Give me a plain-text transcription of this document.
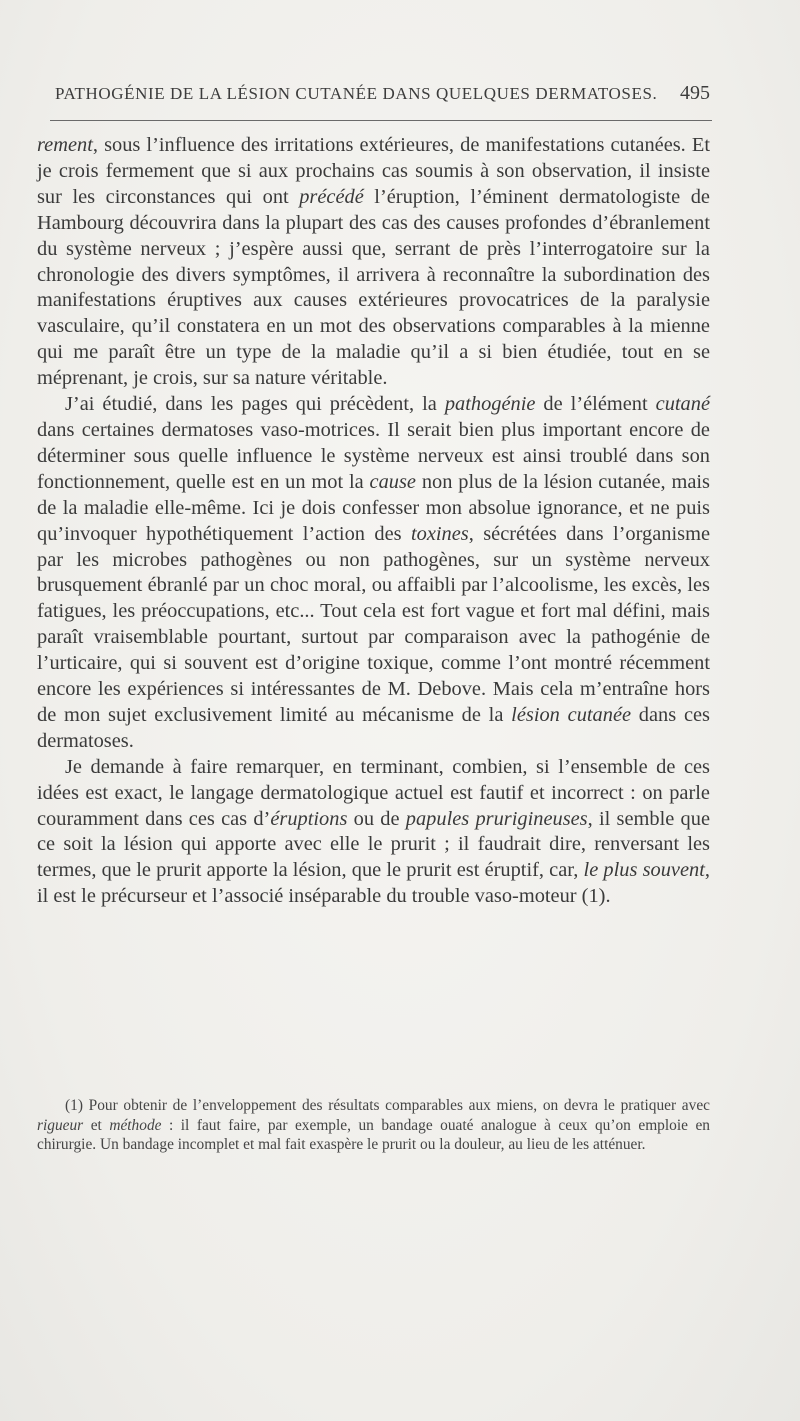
PATHOGÉNIE DE LA LÉSION CUTANÉE DANS QUELQUES DERMATOSES. 495

rement, sous l’influence des irritations extérieures, de manifestations cutanées. Et je crois fermement que si aux prochains cas soumis à son observation, il insiste sur les circonstances qui ont précédé l’éruption, l’éminent dermatologiste de Hambourg découvrira dans la plupart des cas des causes profondes d’ébranlement du système nerveux ; j’espère aussi que, serrant de près l’interrogatoire sur la chronologie des divers symptômes, il arrivera à reconnaître la subordination des manifestations éruptives aux causes extérieures provocatrices de la paralysie vasculaire, qu’il constatera en un mot des observations comparables à la mienne qui me paraît être un type de la maladie qu’il a si bien étudiée, tout en se méprenant, je crois, sur sa nature véritable.

J’ai étudié, dans les pages qui précèdent, la pathogénie de l’élément cutané dans certaines dermatoses vaso-motrices. Il serait bien plus important encore de déterminer sous quelle influence le système nerveux est ainsi troublé dans son fonctionnement, quelle est en un mot la cause non plus de la lésion cutanée, mais de la maladie elle-même. Ici je dois confesser mon absolue ignorance, et ne puis qu’invoquer hypothétiquement l’action des toxines, sécrétées dans l’organisme par les microbes pathogènes ou non pathogènes, sur un système nerveux brusquement ébranlé par un choc moral, ou affaibli par l’alcoolisme, les excès, les fatigues, les préoccupations, etc... Tout cela est fort vague et fort mal défini, mais paraît vraisemblable pourtant, surtout par comparaison avec la pathogénie de l’urticaire, qui si souvent est d’origine toxique, comme l’ont montré récemment encore les expériences si intéressantes de M. Debove. Mais cela m’entraîne hors de mon sujet exclusivement limité au mécanisme de la lésion cutanée dans ces dermatoses.

Je demande à faire remarquer, en terminant, combien, si l’ensemble de ces idées est exact, le langage dermatologique actuel est fautif et incorrect : on parle couramment dans ces cas d’éruptions ou de papules prurigineuses, il semble que ce soit la lésion qui apporte avec elle le prurit ; il faudrait dire, renversant les termes, que le prurit apporte la lésion, que le prurit est éruptif, car, le plus souvent, il est le précurseur et l’associé inséparable du trouble vaso-moteur (1).

(1) Pour obtenir de l’enveloppement des résultats comparables aux miens, on devra le pratiquer avec rigueur et méthode : il faut faire, par exemple, un bandage ouaté analogue à ceux qu’on emploie en chirurgie. Un bandage incomplet et mal fait exaspère le prurit ou la douleur, au lieu de les atténuer.
